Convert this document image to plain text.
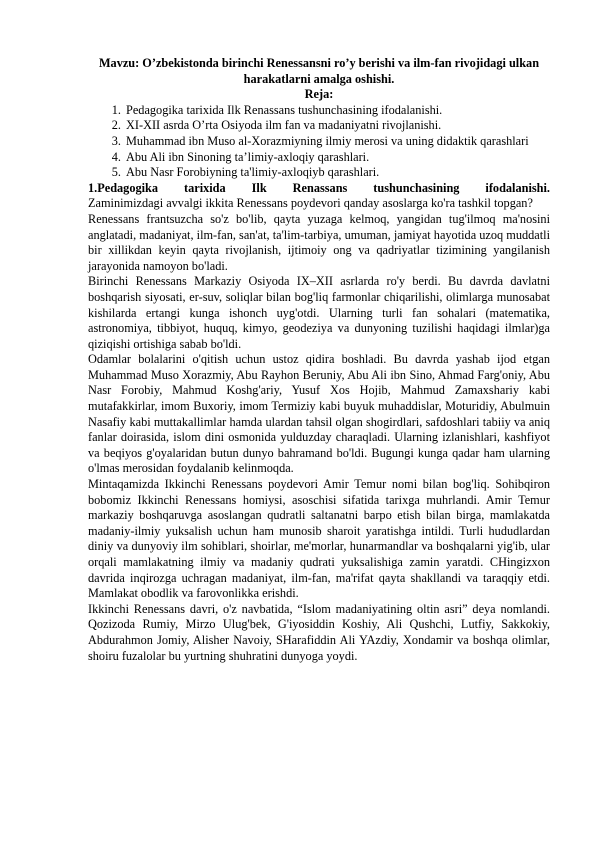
Mavzu: O’zbekistonda birinchi Renessansni ro’y berishi va ilm-fan rivojidagi ulkan harakatlarni amalga oshishi.

Reja:

1. Pedagogika tarixida Ilk Renassans tushunchasining ifodalanishi.
2. XI-XII asrda O’rta Osiyoda ilm fan va madaniyatni rivojlanishi.
3. Muhammad ibn Muso al-Xorazmiyning ilmiy merosi va uning didaktik qarashlari
4. Abu Ali ibn Sinoning ta’limiy-axloqiy qarashlari.
5. Abu Nasr Forobiyning ta'limiy-axloqiyb qarashlari.

1.Pedagogika tarixida Ilk Renassans tushunchasining ifodalanishi.

Zaminimizdagi avvalgi ikkita Renessans poydevori qanday asoslarga ko'ra tashkil topgan?

Renessans frantsuzcha so'z bo'lib, qayta yuzaga kelmoq, yangidan tug'ilmoq ma'nosini anglatadi, madaniyat, ilm-fan, san'at, ta'lim-tarbiya, umuman, jamiyat hayotida uzoq muddatli bir xillikdan keyin qayta rivojlanish, ijtimoiy ong va qadriyatlar tizimining yangilanish jarayonida namoyon bo'ladi.

Birinchi Renessans Markaziy Osiyoda IX–XII asrlarda ro'y berdi. Bu davrda davlatni boshqarish siyosati, er-suv, soliqlar bilan bog'liq farmonlar chiqarilishi, olimlarga munosabat kishilarda ertangi kunga ishonch uyg'otdi. Ularning turli fan sohalari (matematika, astronomiya, tibbiyot, huquq, kimyo, geodeziya va dunyoning tuzilishi haqidagi ilmlar)ga qiziqishi ortishiga sabab bo'ldi.

Odamlar bolalarini o'qitish uchun ustoz qidira boshladi. Bu davrda yashab ijod etgan Muhammad Muso Xorazmiy, Abu Rayhon Beruniy, Abu Ali ibn Sino, Ahmad Farg'oniy, Abu Nasr Forobiy, Mahmud Koshg'ariy, Yusuf Xos Hojib, Mahmud Zamaxshariy kabi mutafakkirlar, imom Buxoriy, imom Termiziy kabi buyuk muhaddislar, Moturidiy, Abulmuin Nasafiy kabi muttakallimlar hamda ulardan tahsil olgan shogirdlari, safdoshlari tabiiy va aniq fanlar doirasida, islom dini osmonida yulduzday charaqladi. Ularning izlanishlari, kashfiyot va beqiyos g'oyalaridan butun dunyo bahramand bo'ldi. Bugungi kunga qadar ham ularning o'lmas merosidan foydalanib kelinmoqda.

Mintaqamizda Ikkinchi Renessans poydevori Amir Temur nomi bilan bog'liq. Sohibqiron bobomiz Ikkinchi Renessans homiysi, asoschisi sifatida tarixga muhrlandi. Amir Temur markaziy boshqaruvga asoslangan qudratli saltanatni barpo etish bilan birga, mamlakatda madaniy-ilmiy yuksalish uchun ham munosib sharoit yaratishga intildi. Turli hududlardan diniy va dunyoviy ilm sohiblari, shoirlar, me'morlar, hunarmandlar va boshqalarni yig'ib, ular orqali mamlakatning ilmiy va madaniy qudrati yuksalishiga zamin yaratdi. CHingizxon davrida inqirozga uchragan madaniyat, ilm-fan, ma'rifat qayta shakllandi va taraqqiy etdi. Mamlakat obodlik va farovonlikka erishdi.

Ikkinchi Renessans davri, o'z navbatida, “Islom madaniyatining oltin asri” deya nomlandi. Qozizoda Rumiy, Mirzo Ulug'bek, G'iyosiddin Koshiy, Ali Qushchi, Lutfiy, Sakkokiy, Abdurahmon Jomiy, Alisher Navoiy, SHarafiddin Ali YAzdiy, Xondamir va boshqa olimlar, shoiru fuzalolar bu yurtning shuhratini dunyoga yoydi.
